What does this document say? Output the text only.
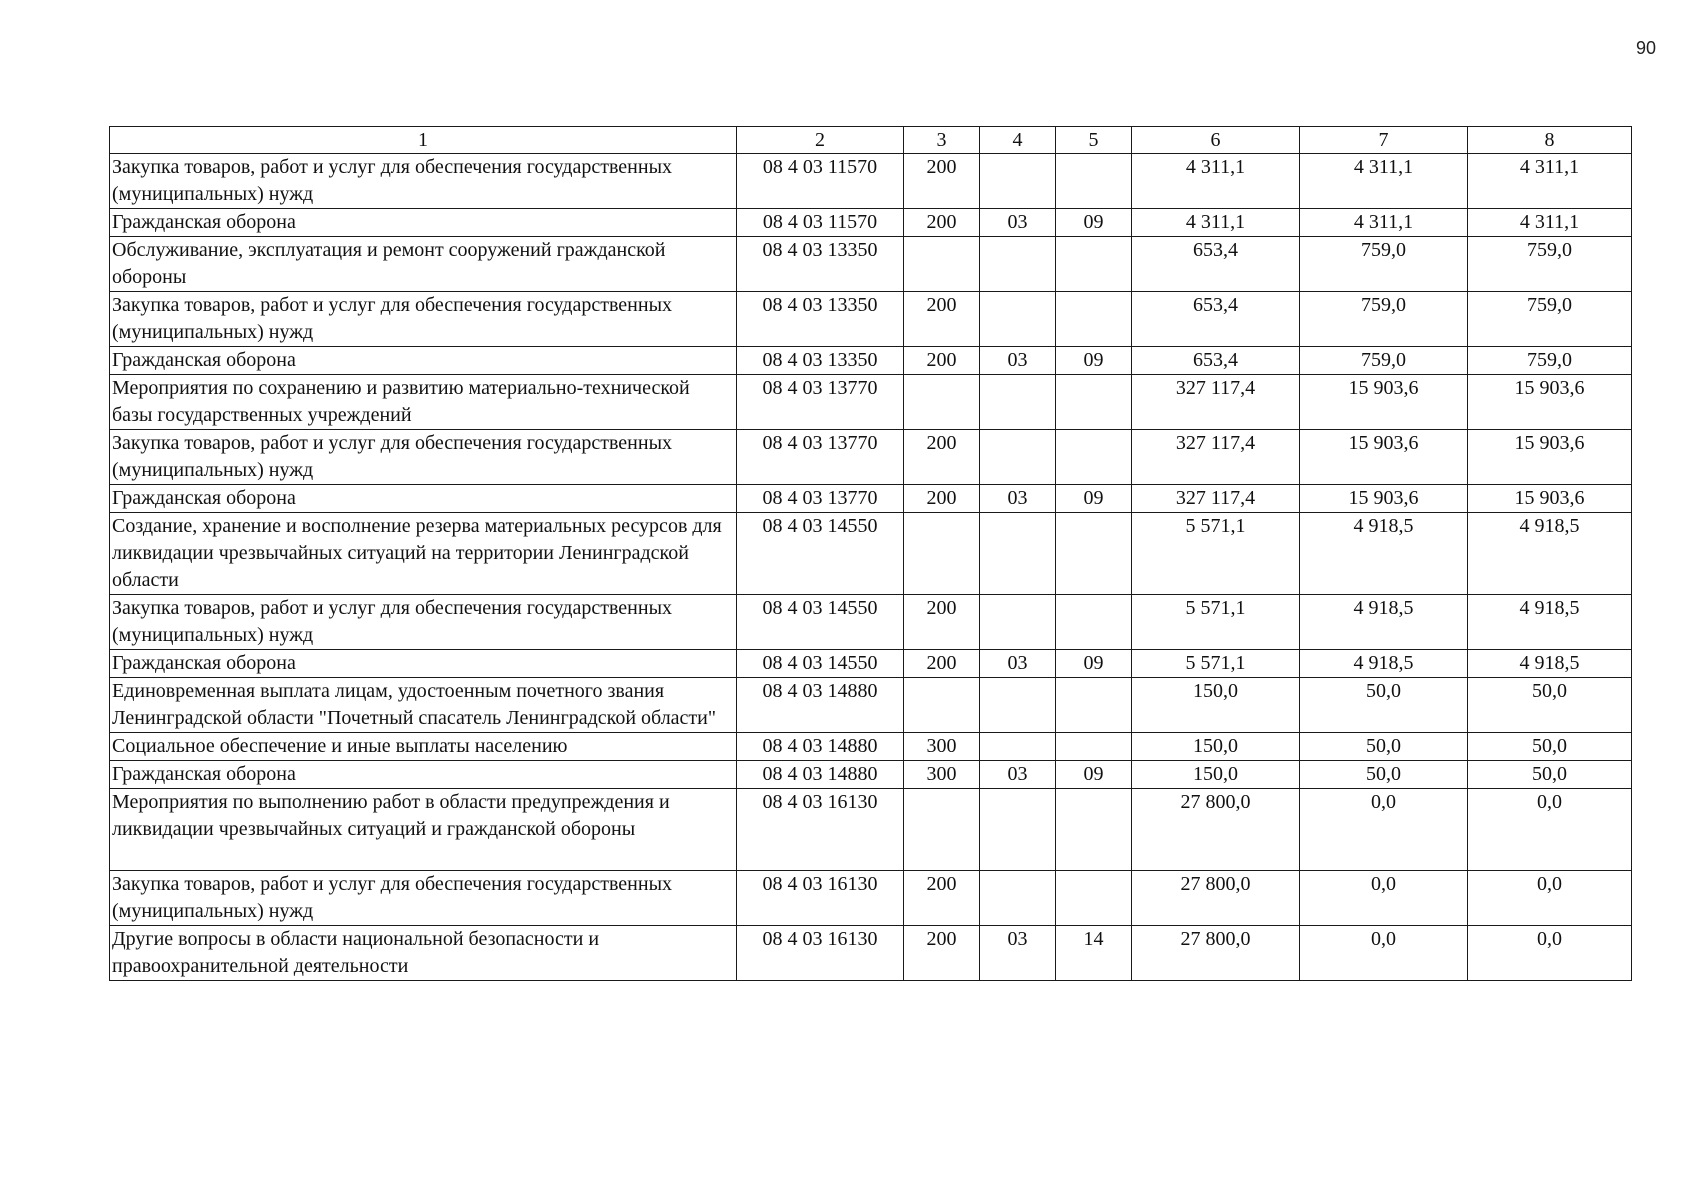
90
1	2	3	4	5	6	7	8
Закупка товаров, работ и услуг для обеспечения государственных (муниципальных) нужд	08 4 03 11570	200			4 311,1	4 311,1	4 311,1
Гражданская оборона	08 4 03 11570	200	03	09	4 311,1	4 311,1	4 311,1
Обслуживание, эксплуатация и ремонт сооружений гражданской обороны	08 4 03 13350				653,4	759,0	759,0
Закупка товаров, работ и услуг для обеспечения государственных (муниципальных) нужд	08 4 03 13350	200			653,4	759,0	759,0
Гражданская оборона	08 4 03 13350	200	03	09	653,4	759,0	759,0
Мероприятия по сохранению и развитию материально-технической базы государственных учреждений	08 4 03 13770				327 117,4	15 903,6	15 903,6
Закупка товаров, работ и услуг для обеспечения государственных (муниципальных) нужд	08 4 03 13770	200			327 117,4	15 903,6	15 903,6
Гражданская оборона	08 4 03 13770	200	03	09	327 117,4	15 903,6	15 903,6
Создание, хранение и восполнение резерва материальных ресурсов для ликвидации чрезвычайных ситуаций на территории Ленинградской области	08 4 03 14550				5 571,1	4 918,5	4 918,5
Закупка товаров, работ и услуг для обеспечения государственных (муниципальных) нужд	08 4 03 14550	200			5 571,1	4 918,5	4 918,5
Гражданская оборона	08 4 03 14550	200	03	09	5 571,1	4 918,5	4 918,5
Единовременная выплата лицам, удостоенным почетного звания Ленинградской области "Почетный спасатель Ленинградской области"	08 4 03 14880				150,0	50,0	50,0
Социальное обеспечение и иные выплаты населению	08 4 03 14880	300			150,0	50,0	50,0
Гражданская оборона	08 4 03 14880	300	03	09	150,0	50,0	50,0
Мероприятия по выполнению работ в области предупреждения и ликвидации чрезвычайных ситуаций и гражданской обороны	08 4 03 16130				27 800,0	0,0	0,0
Закупка товаров, работ и услуг для обеспечения государственных (муниципальных) нужд	08 4 03 16130	200			27 800,0	0,0	0,0
Другие вопросы в области национальной безопасности и правоохранительной деятельности	08 4 03 16130	200	03	14	27 800,0	0,0	0,0
